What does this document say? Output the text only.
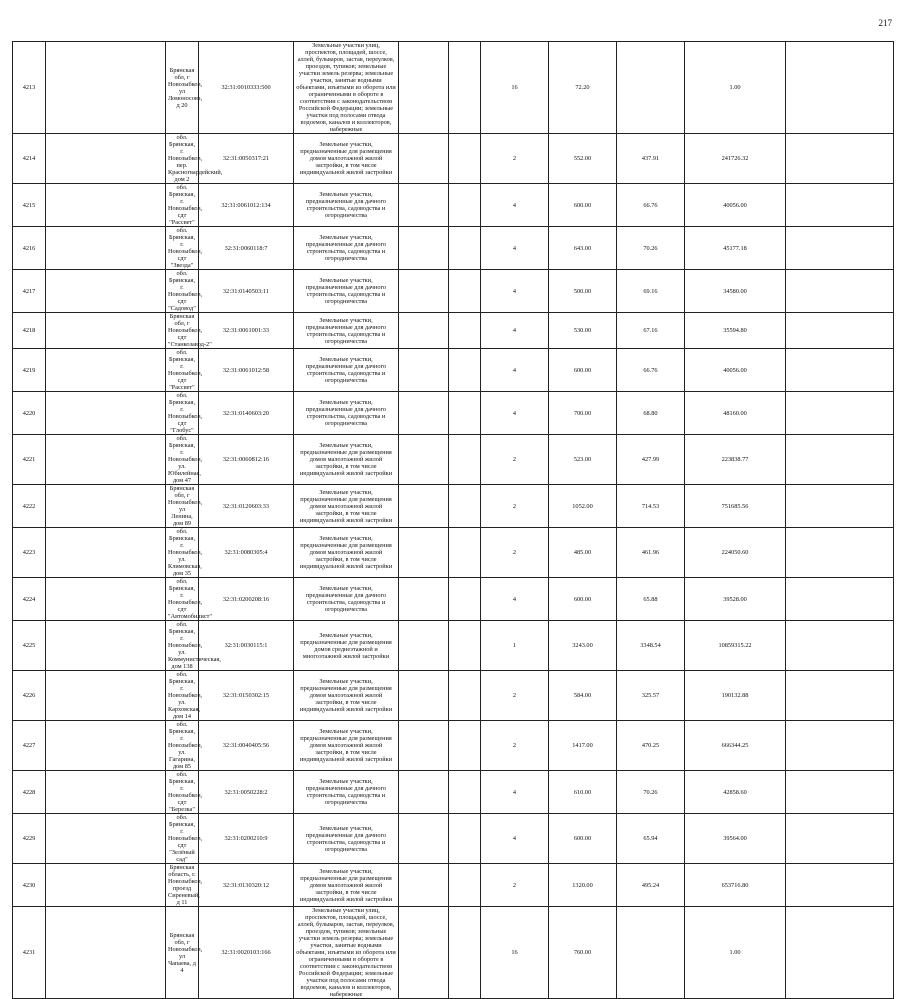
217
4213		Брянская обл, г Новозыбков, ул Ломоносова, д 20	32:31:0010333:500	Земельные участки улиц, проспектов, площадей, шоссе, аллей, бульваров, застав, переулков, проездов, тупиков; земельные участки земель резерва; земельные участки, занятые водными объектами, изъятыми из оборота или ограниченными в обороте в соответствии с законодательством Российской Федерации; земельные участки под полосами отвода водоемов, каналов и коллекторов, набережные			16	72.20		1.00	
4214		обл. Брянская, г. Новозыбков, пер. Красногвардейский, дом 2	32:31:0050317:21	Земельные участки, предназначенные для размещения домов малоэтажной жилой застройки, в том числе индивидуальной жилой застройки			2	552.00	437.91	241726.32	
4215		обл. Брянская, г. Новозыбков, сдт "Рассвет"	32:31:0061012:134	Земельные участки, предназначенные для дачного строительства, садоводства и огородничества			4	600.00	66.76	40056.00	
4216		обл. Брянская, г. Новозыбков, сдт "Звезда"	32:31:0060118:7	Земельные участки, предназначенные для дачного строительства, садоводства и огородничества			4	643.00	70.26	45177.18	
4217		обл. Брянская, г. Новозыбков, сдт "Садовод"	32:31:0140503:11	Земельные участки, предназначенные для дачного строительства, садоводства и огородничества			4	500.00	69.16	34580.00	
4218		Брянская обл, г Новозыбков, сдт "Станкозавод-2"	32:31:0061001:33	Земельные участки, предназначенные для дачного строительства, садоводства и огородничества			4	530.00	67.16	35594.80	
4219		обл. Брянская, г. Новозыбков, сдт "Рассвет"	32:31:0061012:58	Земельные участки, предназначенные для дачного строительства, садоводства и огородничества			4	600.00	66.76	40056.00	
4220		обл. Брянская, г. Новозыбков, сдт "Глобус"	32:31:0140603:20	Земельные участки, предназначенные для дачного строительства, садоводства и огородничества			4	700.00	68.80	48160.00	
4221		обл. Брянская, г. Новозыбков, ул. Юбилейная, дом 47	32:31:0060812:16	Земельные участки, предназначенные для размещения домов малоэтажной жилой застройки, в том числе индивидуальной жилой застройки			2	523.00	427.99	223838.77	
4222		Брянская обл, г Новозыбков, ул Ленина, дом 89	32:31:0120603:33	Земельные участки, предназначенные для размещения домов малоэтажной жилой застройки, в том числе индивидуальной жилой застройки			2	1052.00	714.53	751685.56	
4223		обл. Брянская, г. Новозыбков, ул. Климовская, дом 35	32:31:0080305:4	Земельные участки, предназначенные для размещения домов малоэтажной жилой застройки, в том числе индивидуальной жилой застройки			2	485.00	461.96	224050.60	
4224		обл. Брянская, г. Новозыбков, сдт "Автомобилист"	32:31:0200208:16	Земельные участки, предназначенные для дачного строительства, садоводства и огородничества			4	600.00	65.88	39528.00	
4225		обл. Брянская, г. Новозыбков, ул. Коммунистическая, дом 138	32:31:0030115:1	Земельные участки, предназначенные для размещения домов среднеэтажной и многоэтажной жилой застройки			1	3243.00	3348.54	10859315.22	
4226		обл. Брянская, г. Новозыбков, ул. Карховская, дом 14	32:31:0150302:15	Земельные участки, предназначенные для размещения домов малоэтажной жилой застройки, в том числе индивидуальной жилой застройки			2	584.00	325.57	190132.88	
4227		обл. Брянская, г. Новозыбков, ул. Гагарина, дом 85	32:31:0040405:56	Земельные участки, предназначенные для размещения домов малоэтажной жилой застройки, в том числе индивидуальной жилой застройки			2	1417.00	470.25	666344.25	
4228		обл. Брянская, г. Новозыбков, сдт "Березка"	32:31:0050228:2	Земельные участки, предназначенные для дачного строительства, садоводства и огородничества			4	610.00	70.26	42858.60	
4229		обл. Брянская, г. Новозыбков, сдт "Зелёный сад"	32:31:0200210:9	Земельные участки, предназначенные для дачного строительства, садоводства и огородничества			4	600.00	65.94	39564.00	
4230		Брянская область, г. Новозыбков, проезд Сиреневый, д 11	32:31:0130320:12	Земельные участки, предназначенные для размещения домов малоэтажной жилой застройки, в том числе индивидуальной жилой застройки			2	1320.00	495.24	653716.80	
4231		Брянская обл, г Новозыбков, ул Чапаева, д 4	32:31:0020103:166	Земельные участки улиц, проспектов, площадей, шоссе, аллей, бульваров, застав, переулков, проездов, тупиков; земельные участки земель резерва; земельные участки, занятые водными объектами, изъятыми из оборота или ограниченными в обороте в соответствии с законодательством Российской Федерации; земельные участки под полосами отвода водоемов, каналов и коллекторов, набережные			16	760.00		1.00	
